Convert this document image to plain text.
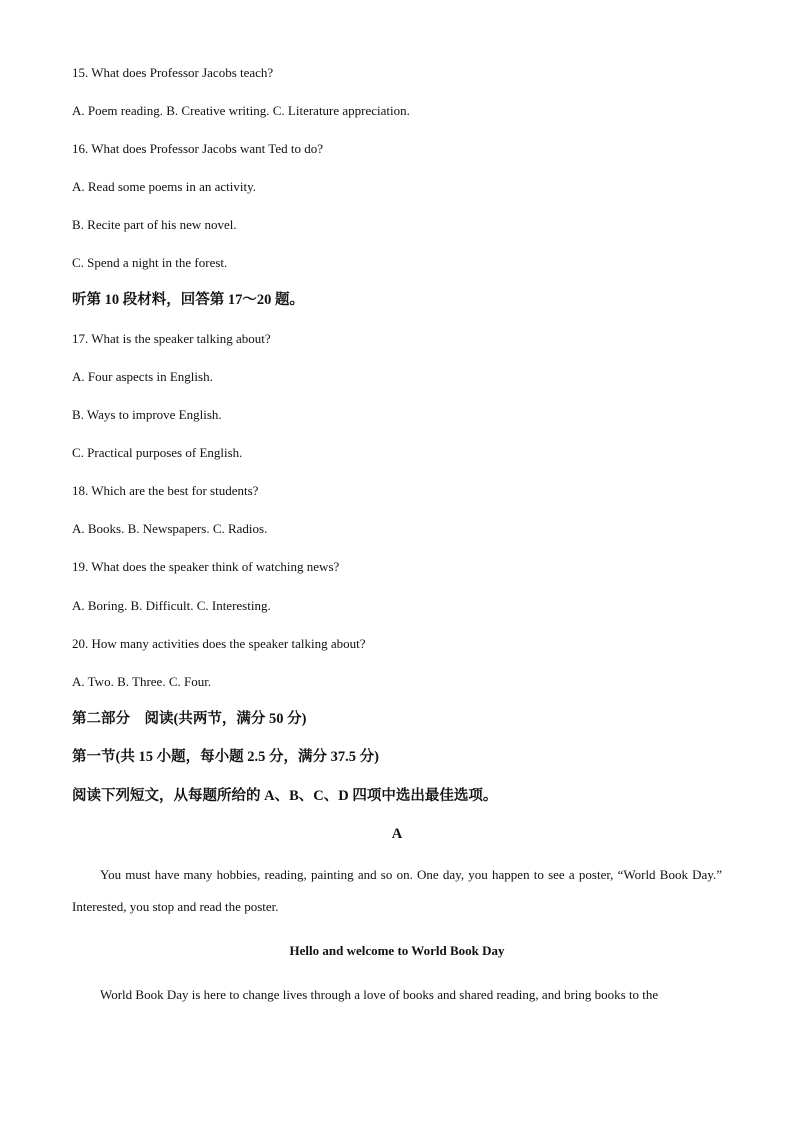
15. What does Professor Jacobs teach?
A. Poem reading. B. Creative writing. C. Literature appreciation.
16. What does Professor Jacobs want Ted to do?
A. Read some poems in an activity.
B. Recite part of his new novel.
C. Spend a night in the forest.
听第 10 段材料，回答第 17～20 题。
17. What is the speaker talking about?
A. Four aspects in English.
B. Ways to improve English.
C. Practical purposes of English.
18. Which are the best for students?
A. Books. B. Newspapers. C. Radios.
19. What does the speaker think of watching news?
A. Boring. B. Difficult. C. Interesting.
20. How many activities does the speaker talking about?
A. Two. B. Three. C. Four.
第二部分　阅读(共两节，满分 50 分)
第一节(共 15 小题，每小题 2.5 分，满分 37.5 分)
阅读下列短文，从每题所给的 A、B、C、D 四项中选出最佳选项。
A

You must have many hobbies, reading, painting and so on. One day, you happen to see a poster, “World Book Day.” Interested, you stop and read the poster.

Hello and welcome to World Book Day

World Book Day is here to change lives through a love of books and shared reading, and bring books to the
